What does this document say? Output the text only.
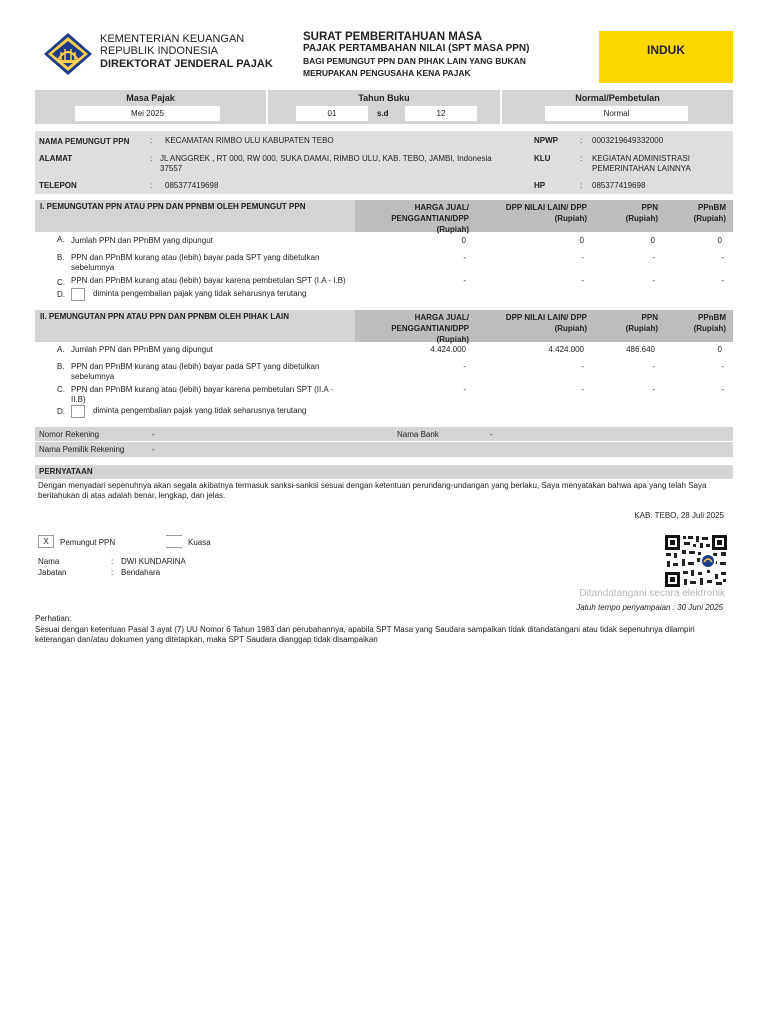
KEMENTERIAN KEUANGAN
REPUBLIK INDONESIA
DIREKTORAT JENDERAL PAJAK
SURAT PEMBERITAHUAN MASA
PAJAK PERTAMBAHAN NILAI (SPT MASA PPN)
BAGI PEMUNGUT PPN DAN PIHAK LAIN YANG BUKAN
MERUPAKAN PENGUSAHA KENA PAJAK
INDUK
Masa Pajak
Mei 2025
Tahun Buku
01	s.d	12
Normal/Pembetulan
Normal
NAMA PEMUNGUT PPN	: KECAMATAN RIMBO ULU KABUPATEN TEBO
ALAMAT	: JL ANGGREK , RT 000, RW 000, SUKA DAMAI, RIMBO ULU, KAB. TEBO, JAMBI, Indonesia
37557
TELEPON	: 085377419698
NPWP	: 0003219649332000
KLU	: KEGIATAN ADMINISTRASI
PEMERINTAHAN LAINNYA
HP	: 085377419698
I. PEMUNGUTAN PPN ATAU PPN DAN PPNBM OLEH PEMUNGUT PPN	HARGA JUAL/
PENGGANTIAN/DPP
(Rupiah)
DPP NILAI LAIN/ DPP
(Rupiah)
PPN
(Rupiah)
PPnBM
(Rupiah)
A. Jumlah PPN dan PPnBM yang dipungut	0	0	0	0
B. PPN dan PPnBM kurang atau (lebih) bayar pada SPT yang dibetulkan
sebelumnya
-	-	-	-
C. PPN dan PPnBM kurang atau (lebih) bayar karena pembetulan SPT (I.A - I.B)	-	-	-	-
D.	diminta pengembalian pajak yang tidak seharusnya terutang
II. PEMUNGUTAN PPN ATAU PPN DAN PPNBM OLEH PIHAK LAIN	HARGA JUAL/
PENGGANTIAN/DPP
(Rupiah)
DPP NILAI LAIN/ DPP
(Rupiah)
PPN
(Rupiah)
PPnBM
(Rupiah)
A. Jumlah PPN dan PPnBM yang dipungut	4.424.000	4.424.000	486.640	0
B. PPN dan PPnBM kurang atau (lebih) bayar pada SPT yang dibetulkan
sebelumnya
-	-	-	-
C. PPN dan PPnBM kurang atau (lebih) bayar karena pembetulan SPT (II.A -
II.B)
-	-	-	-
D.	diminta pengembalian pajak yang tidak seharusnya terutang
Nomor Rekening	-	Nama Bank	-
Nama Pemilik Rekening	-
PERNYATAAN
Dengan menyadari sepenuhnya akan segala akibatnya termasuk sanksi-sanksi sesuai dengan ketentuan perundang-undangan yang berlaku, Saya menyatakan bahwa apa yang telah Saya
beritahukan di atas adalah benar, lengkap, dan jelas.
KAB. TEBO, 28 Juli 2025
X	Pemungut PPN	Kuasa
Nama	: DWI KUNDARINA
Jabatan	: Bendahara
Ditandatangani secara elektronik
Jatuh tempo penyampaian : 30 Juni 2025
Perhatian:
Sesuai dengan ketentuan Pasal 3 ayat (7) UU Nomor 6 Tahun 1983 dan perubahannya, apabila SPT Masa yang Saudara sampaikan tidak ditandatangani atau tidak sepenuhnya dilampiri
keterangan dan/atau dokumen yang ditetapkan, maka SPT Saudara dianggap tidak disampaikan
